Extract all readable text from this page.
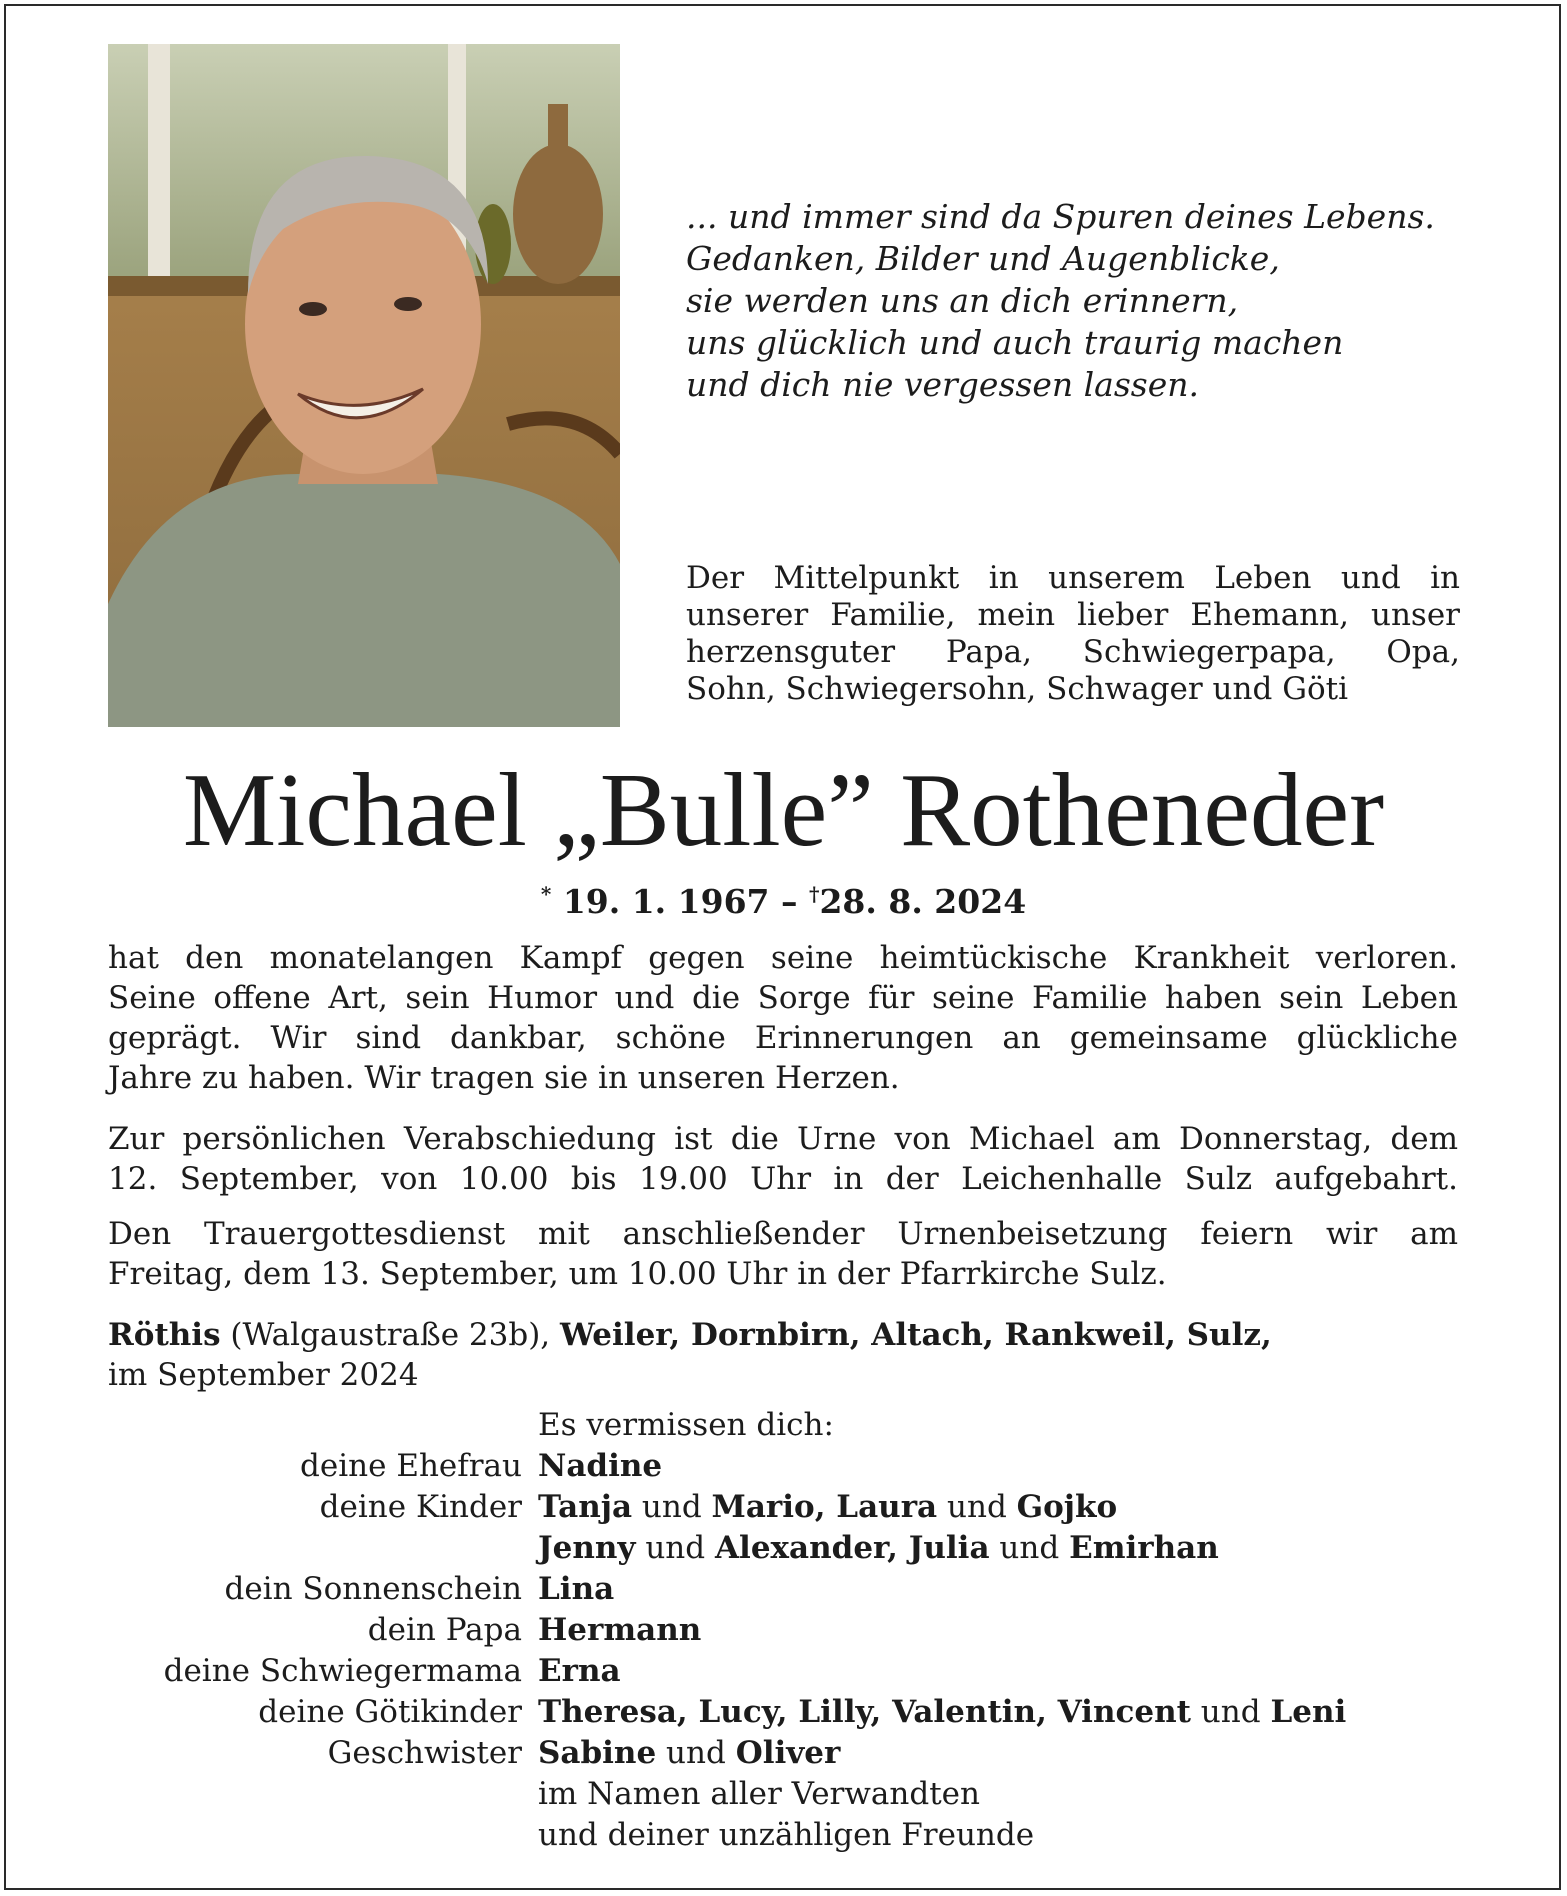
... und immer sind da Spuren deines Lebens.
Gedanken, Bilder und Augenblicke,
sie werden uns an dich erinnern,
uns glücklich und auch traurig machen
und dich nie vergessen lassen.
Der Mittelpunkt in unserem Leben und in
unserer Familie, mein lieber Ehemann, unser
herzensguter Papa, Schwiegerpapa, Opa,
Sohn, Schwiegersohn, Schwager und Göti
Michael „Bulle” Rotheneder
* 19. 1. 1967 – †28. 8. 2024
hat den monatelangen Kampf gegen seine heimtückische Krankheit verloren.
Seine offene Art, sein Humor und die Sorge für seine Familie haben sein Leben
geprägt. Wir sind dankbar, schöne Erinnerungen an gemeinsame glückliche
Jahre zu haben. Wir tragen sie in unseren Herzen.
Zur persönlichen Verabschiedung ist die Urne von Michael am Donnerstag, dem
12. September, von 10.00 bis 19.00 Uhr in der Leichenhalle Sulz aufgebahrt.
Den Trauergottesdienst mit anschließender Urnenbeisetzung feiern wir am
Freitag, dem 13. September, um 10.00 Uhr in der Pfarrkirche Sulz.
Röthis (Walgaustraße 23b), Weiler, Dornbirn, Altach, Rankweil, Sulz,
im September 2024
Es vermissen dich:
deine Ehefrau Nadine
deine Kinder Tanja und Mario, Laura und Gojko
Jenny und Alexander, Julia und Emirhan
dein Sonnenschein Lina
dein Papa Hermann
deine Schwiegermama Erna
deine Götikinder Theresa, Lucy, Lilly, Valentin, Vincent und Leni
Geschwister Sabine und Oliver
im Namen aller Verwandten
und deiner unzähligen Freunde
